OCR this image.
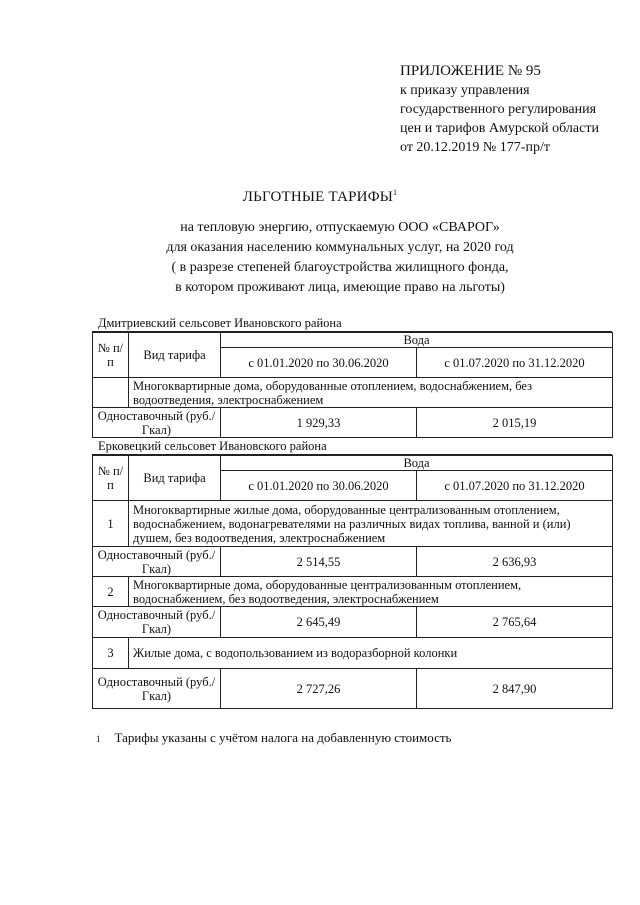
ПРИЛОЖЕНИЕ № 95
к приказу управления
государственного регулирования
цен и тарифов Амурской области
от 20.12.2019 № 177-пр/т
ЛЬГОТНЫЕ ТАРИФЫ$^1$
на тепловую энергию, отпускаемую ООО «СВАРОГ»
для оказания населению коммунальных услуг, на 2020 год
( в разрезе степеней благоустройства жилищного фонда,
в котором проживают лица, имеющие право на льготы)
Дмитриевский сельсовет Ивановского района
№ п/п	Вид тарифа	Вода	
		с 01.01.2020 по 30.06.2020	с 01.07.2020 по 31.12.2020
	Многоквартирные дома, оборудованные отоплением, водоснабжением, без водоотведения, электроснабжением		
Одноставочный (руб./Гкал)		1 929,33	2 015,19
Ерковецкий сельсовет Ивановского района
№ п/п	Вид тарифа	Вода	
		с 01.01.2020 по 30.06.2020	с 01.07.2020 по 31.12.2020
1	Многоквартирные жилые дома, оборудованные централизованным отоплением, водоснабжением, водонагревателями на различных видах топлива, ванной и (или) душем, без водоотведения, электроснабжением		
Одноставочный (руб./Гкал)		2 514,55	2 636,93
2	Многоквартирные дома, оборудованные централизованным отоплением, водоснабжением, без водоотведения, электроснабжением		
Одноставочный (руб./Гкал)		2 645,49	2 765,64
3	Жилые дома, с водопользованием из водоразборной колонки		
Одноставочный (руб./Гкал)		2 727,26	2 847,90
1 Тарифы указаны с учётом налога на добавленную стоимость
